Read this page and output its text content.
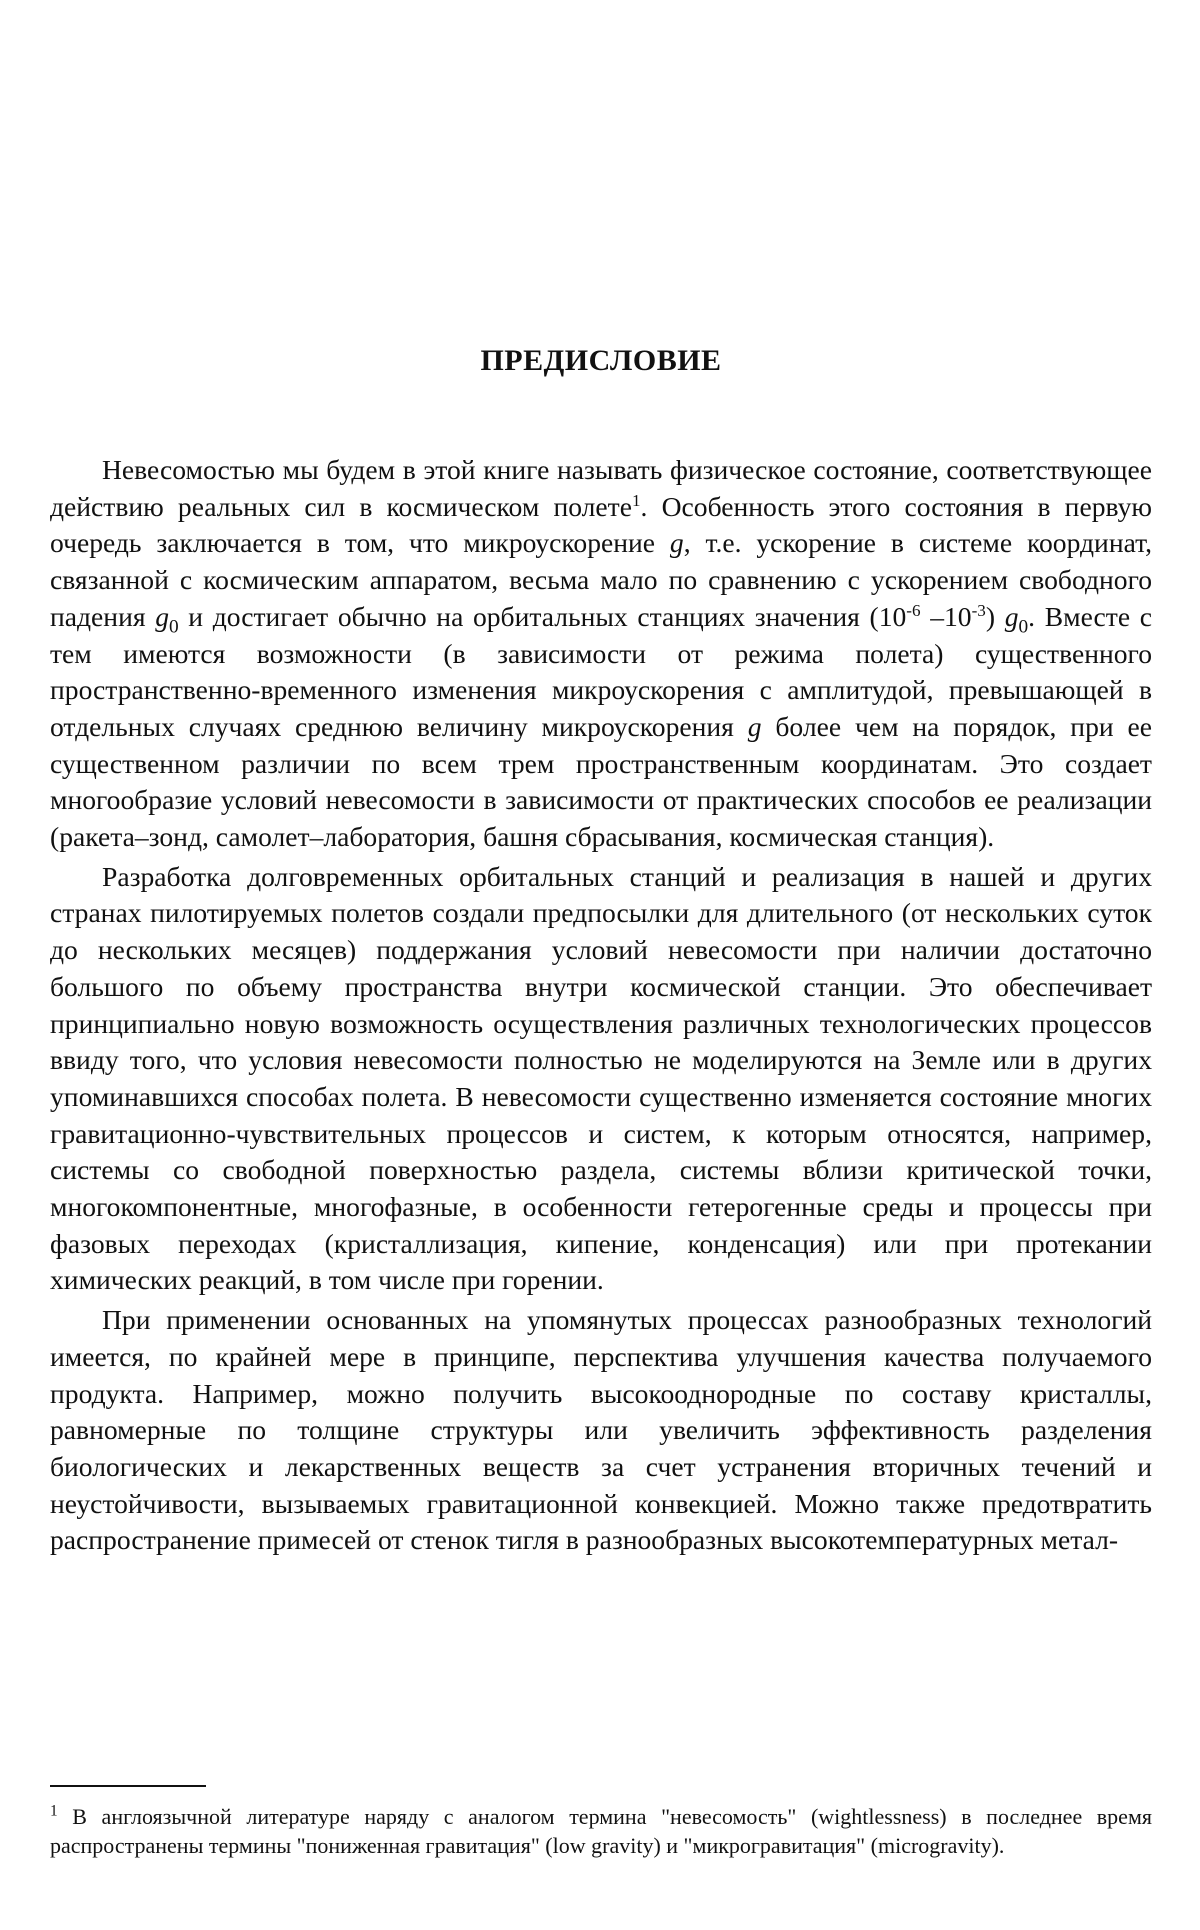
ПРЕДИСЛОВИЕ

Невесомостью мы будем в этой книге называть физическое состояние, соответствующее действию реальных сил в космическом полете$^1$. Особенность этого состояния в первую очередь заключается в том, что микроускорение g, т.е. ускорение в системе координат, связанной с космическим аппаратом, весьма мало по сравнению с ускорением свободного падения $g_0$ и достигает обычно на орбитальных станциях значения ($10^{-6}$ $-10^{-3}$) $g_0$. Вместе с тем имеются возможности (в зависимости от режима полета) существенного пространственно-временного изменения микроускорения с амплитудой, превышающей в отдельных случаях среднюю величину микроускорения g более чем на порядок, при ее существенном различии по всем трем пространственным координатам. Это создает многообразие условий невесомости в зависимости от практических способов ее реализации (ракета–зонд, самолет–лаборатория, башня сбрасывания, космическая станция).

Разработка долговременных орбитальных станций и реализация в нашей и других странах пилотируемых полетов создали предпосылки для длительного (от нескольких суток до нескольких месяцев) поддержания условий невесомости при наличии достаточно большого по объему пространства внутри космической станции. Это обеспечивает принципиально новую возможность осуществления различных технологических процессов ввиду того, что условия невесомости полностью не моделируются на Земле или в других упоминавшихся способах полета. В невесомости существенно изменяется состояние многих гравитационно-чувствительных процессов и систем, к которым относятся, например, системы со свободной поверхностью раздела, системы вблизи критической точки, многокомпонентные, многофазные, в особенности гетерогенные среды и процессы при фазовых переходах (кристаллизация, кипение, конденсация) или при протекании химических реакций, в том числе при горении.

При применении основанных на упомянутых процессах разнообразных технологий имеется, по крайней мере в принципе, перспектива улучшения качества получаемого продукта. Например, можно получить высокооднородные по составу кристаллы, равномерные по толщине структуры или увеличить эффективность разделения биологических и лекарственных веществ за счет устранения вторичных течений и неустойчивости, вызываемых гравитационной конвекцией. Можно также предотвратить распространение примесей от стенок тигля в разнообразных высокотемпературных метал-

$^1$ В англоязычной литературе наряду с аналогом термина "невесомость" (wightlessness) в последнее время распространены термины "пониженная гравитация" (low gravity) и "микрогравитация" (microgravity).
